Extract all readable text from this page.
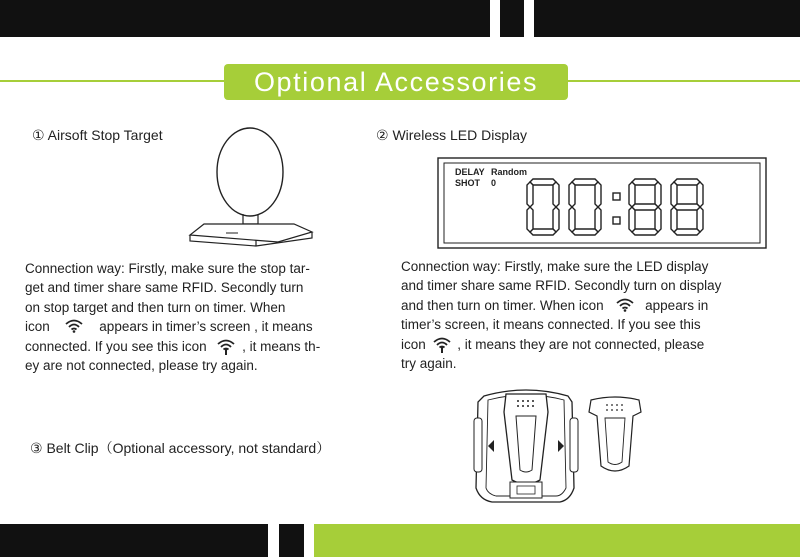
Optional Accessories
① Airsoft Stop Target
Connection way: Firstly, make sure the stop tar-
get and timer share same RFID. Secondly turn
on stop target and then turn on timer. When
icon	appears in timer’s screen , it means
connected. If you see this icon	, it means th-
ey are not connected, please try again.
② Wireless LED Display
DELAY Random
SHOT 0
Connection way: Firstly, make sure the LED display
and timer share same RFID. Secondly turn on display
and then turn on timer. When icon	appears in
timer’s screen, it means connected. If you see this
icon , it means they are not connected, please
try again.
③ Belt Clip（Optional accessory, not standard）
